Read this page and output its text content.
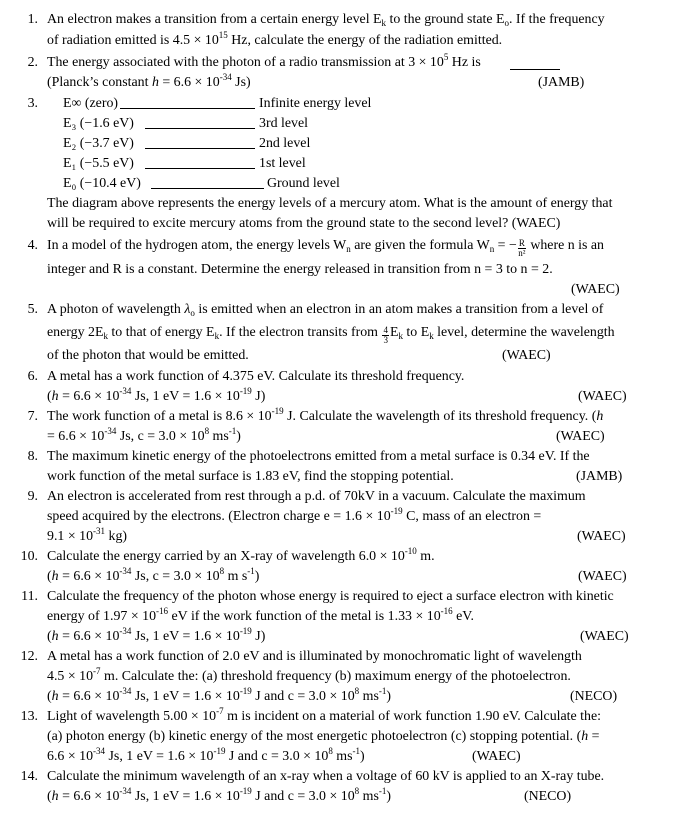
1. An electron makes a transition from a certain energy level $E_k$ to the ground state $E_o$. If the frequency
of radiation emitted is $4.5 \times 10^{15}$ Hz, calculate the energy of the radiation emitted.
2. The energy associated with the photon of a radio transmission at $3 \times 10^5$ Hz is
(Planck’s constant $h = 6.6 \times 10^{-34}$ Js)	(JAMB)
3. E∞ (zero)	Infinite energy level
E₃ (−1.6 eV)	3rd level
E₂ (−3.7 eV)	2nd level
E₁ (−5.5 eV)	1st level
E₀ (−10.4 eV)	Ground level
The diagram above represents the energy levels of a mercury atom. What is the amount of energy that
will be required to excite mercury atoms from the ground state to the second level? (WAEC)
4. In a model of the hydrogen atom, the energy levels $W_n$ are given the formula $W_n$ = − $\frac{R}{\text{n²}}$ where n is an
integer and R is a constant. Determine the energy released in transition from n = 3 to n = 2.
(WAEC)
5. A photon of wavelength $\lambda_o$ is emitted when an electron in an atom makes a transition from a level of
energy $2E_k$ to that of energy $E_k$. If the electron transits from $\frac{4}{3} E_k$ to $E_k$ level, determine the wavelength
of the photon that would be emitted.	(WAEC)
6. A metal has a work function of 4.375 eV. Calculate its threshold frequency.
($h = 6.6 \times 10^{-34}$ Js, 1 eV = $1.6 \times 10^{-19}$ J)	(WAEC)
7. The work function of a metal is $8.6 \times 10^{-19}$ J. Calculate the wavelength of its threshold frequency. (h
= $6.6 \times 10^{-34}$ Js, $c = 3.0 \times 10^8$ $ms^{-1}$)	(WAEC)
8. The maximum kinetic energy of the photoelectrons emitted from a metal surface is 0.34 eV. If the
work function of the metal surface is 1.83 eV, find the stopping potential.	(JAMB)
9. An electron is accelerated from rest through a p.d. of 70kV in a vacuum. Calculate the maximum
speed acquired by the electrons. (Electron charge $e = 1.6 \times 10^{-19}$ C, mass of an electron =
$9.1 \times 10^{-31}$ kg)	(WAEC)
10. Calculate the energy carried by an X-ray of wavelength $6.0 \times 10^{-10}$ m.
($h = 6.6 \times 10^{-34}$ Js, $c = 3.0 \times 10^8$ m $s^{-1}$)	(WAEC)
11. Calculate the frequency of the photon whose energy is required to eject a surface electron with kinetic
energy of $1.97 \times 10^{-16}$ eV if the work function of the metal is $1.33 \times 10^{-16}$ eV.
($h = 6.6 \times 10^{-34}$ Js, 1 eV = $1.6 \times 10^{-19}$ J)	(WAEC)
12. A metal has a work function of 2.0 eV and is illuminated by monochromatic light of wavelength
$4.5 \times 10^{-7}$ m. Calculate the: (a) threshold frequency (b) maximum energy of the photoelectron.
($h = 6.6 \times 10^{-34}$ Js, 1 eV = $1.6 \times 10^{-19}$ J and $c = 3.0 \times 10^8$ $ms^{-1}$)	(NECO)
13. Light of wavelength $5.00 \times 10^{-7}$ m is incident on a material of work function 1.90 eV. Calculate the:
(a) photon energy (b) kinetic energy of the most energetic photoelectron (c) stopping potential. (h =
$6.6 \times 10^{-34}$ Js, 1 eV = $1.6 \times 10^{-19}$ J and $c = 3.0 \times 10^8$ $ms^{-1}$)	(WAEC)
14. Calculate the minimum wavelength of an x-ray when a voltage of 60 kV is applied to an X-ray tube.
($h = 6.6 \times 10^{-34}$ Js, 1 eV = $1.6 \times 10^{-19}$ J and $c = 3.0 \times 10^8$ $ms^{-1}$)	(NECO)
